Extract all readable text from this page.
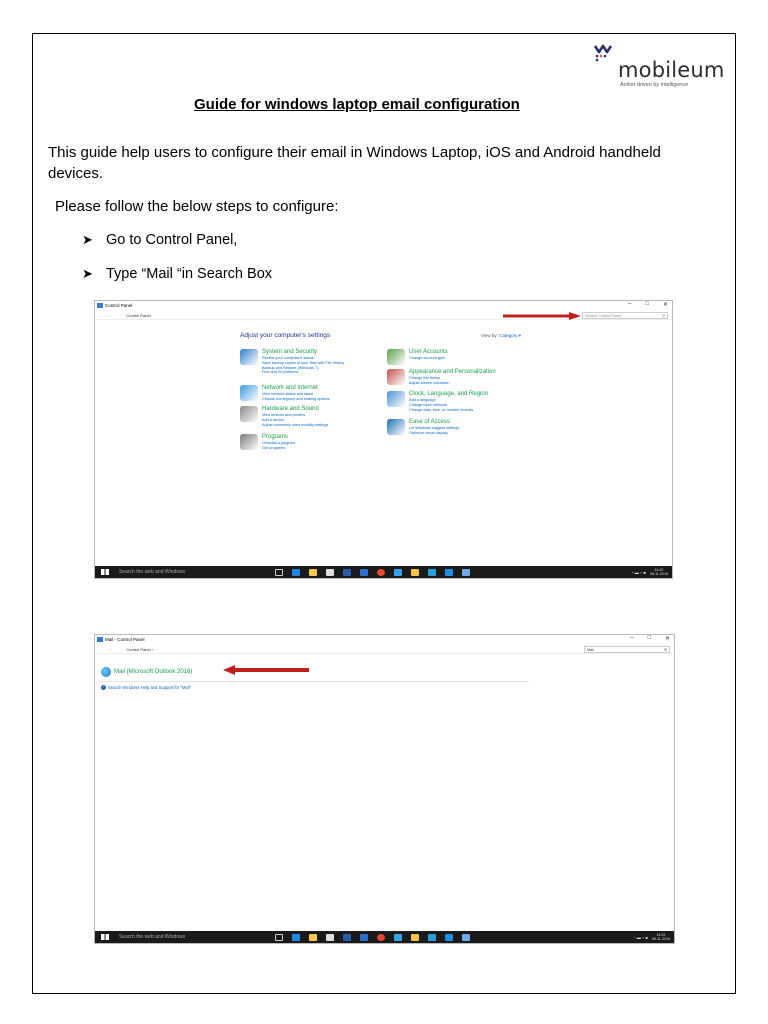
mobileum
Action driven by intelligence
Guide for windows laptop email configuration
This guide help users to configure their email in Windows Laptop, iOS and Android handheld devices.
Please follow the below steps to configure:
➤ Go to Control Panel,
➤ Type “Mail “in Search Box
Control Panel	– □ ✕
← → ↑	Control Panel	Search Control Panel	⚲
Adjust your computer's settings	View by: Category ▾
System and Security
Review your computer's status
Save backup copies of your files with File History
Backup and Restore (Windows 7)
Find and fix problems
Network and Internet
View network status and tasks
Choose homegroup and sharing options
Hardware and Sound
View devices and printers
Add a device
Adjust commonly used mobility settings
Programs
Uninstall a program
Get programs
User Accounts
Change account type
Appearance and Personalization
Change the theme
Adjust screen resolution
Clock, Language, and Region
Add a language
Change input methods
Change date, time, or number formats
Ease of Access
Let Windows suggest settings
Optimize visual display
Search the web and Windows	^ ▬ ⌁ ■	14:02
08-11-2016
Mail - Control Panel	– □ ✕
← → ↑	Control Panel ›	Mail	✕
Mail (Microsoft Outlook 2016)
? Search Windows Help and Support for "Mail"
Search the web and Windows	^ ▬ ⌁ ■	14:03
08-11-2016
